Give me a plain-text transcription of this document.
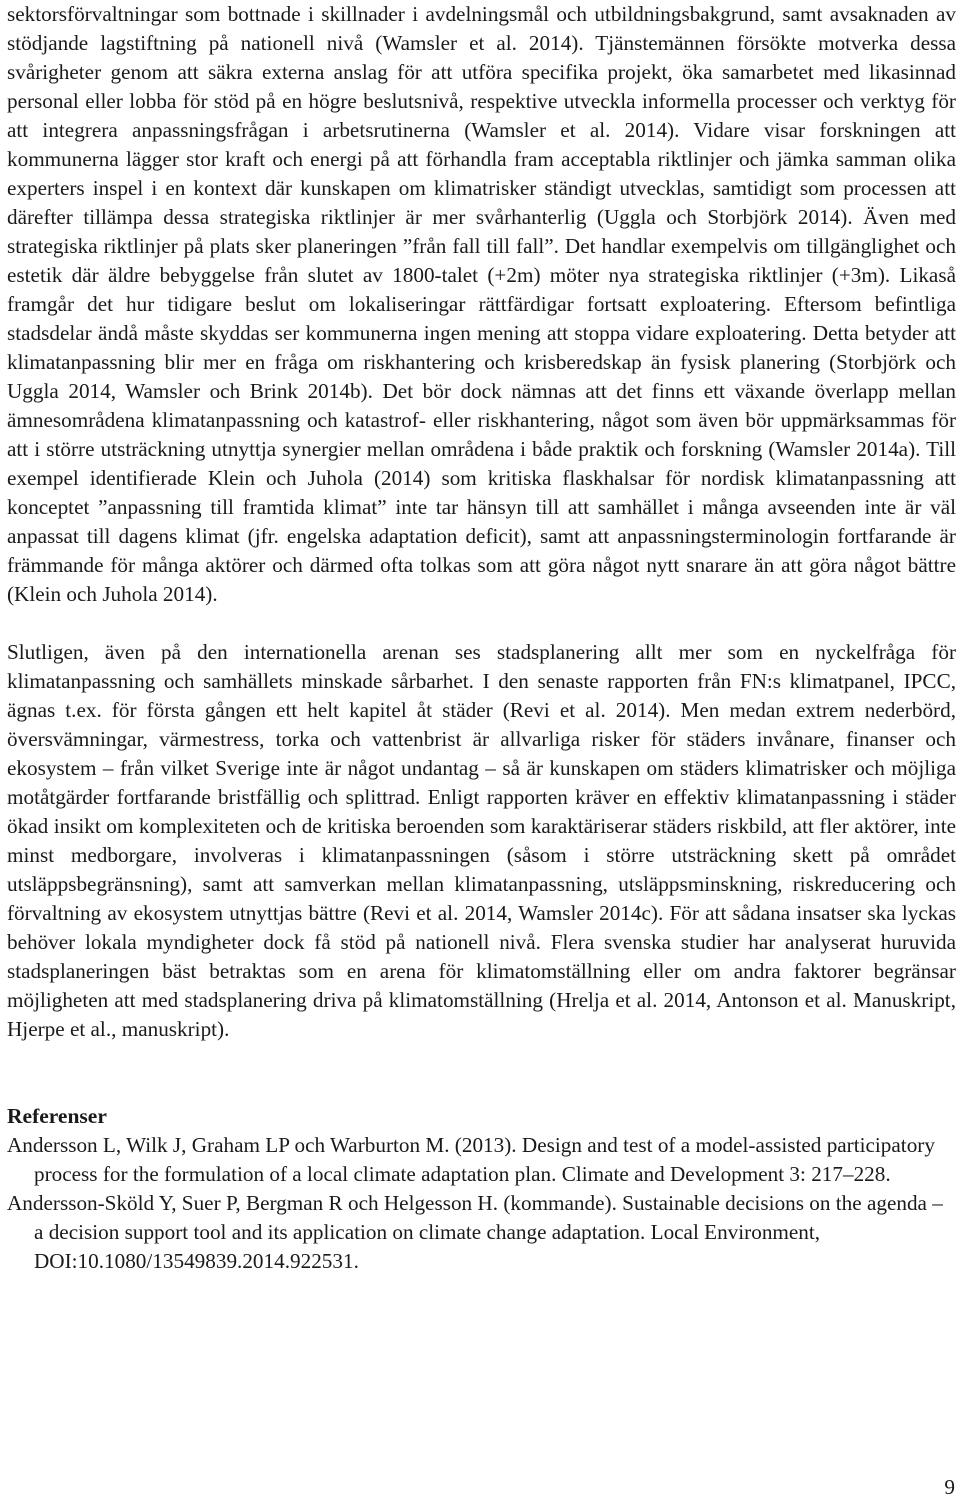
sektorsförvaltningar som bottnade i skillnader i avdelningsmål och utbildningsbakgrund, samt avsaknaden av stödjande lagstiftning på nationell nivå (Wamsler et al. 2014). Tjänstemännen försökte motverka dessa svårigheter genom att säkra externa anslag för att utföra specifika projekt, öka samarbetet med likasinnad personal eller lobba för stöd på en högre beslutsnivå, respektive utveckla informella processer och verktyg för att integrera anpassningsfrågan i arbetsrutinerna (Wamsler et al. 2014). Vidare visar forskningen att kommunerna lägger stor kraft och energi på att förhandla fram acceptabla riktlinjer och jämka samman olika experters inspel i en kontext där kunskapen om klimatrisker ständigt utvecklas, samtidigt som processen att därefter tillämpa dessa strategiska riktlinjer är mer svårhanterlig (Uggla och Storbjörk 2014). Även med strategiska riktlinjer på plats sker planeringen ”från fall till fall”. Det handlar exempelvis om tillgänglighet och estetik där äldre bebyggelse från slutet av 1800-talet (+2m) möter nya strategiska riktlinjer (+3m). Likaså framgår det hur tidigare beslut om lokaliseringar rättfärdigar fortsatt exploatering. Eftersom befintliga stadsdelar ändå måste skyddas ser kommunerna ingen mening att stoppa vidare exploatering. Detta betyder att klimatanpassning blir mer en fråga om riskhantering och krisberedskap än fysisk planering (Storbjörk och Uggla 2014, Wamsler och Brink 2014b). Det bör dock nämnas att det finns ett växande överlapp mellan ämnesområdena klimatanpassning och katastrof- eller riskhantering, något som även bör uppmärksammas för att i större utsträckning utnyttja synergier mellan områdena i både praktik och forskning (Wamsler 2014a). Till exempel identifierade Klein och Juhola (2014) som kritiska flaskhalsar för nordisk klimatanpassning att konceptet ”anpassning till framtida klimat” inte tar hänsyn till att samhället i många avseenden inte är väl anpassat till dagens klimat (jfr. engelska adaptation deficit), samt att anpassningsterminologin fortfarande är främmande för många aktörer och därmed ofta tolkas som att göra något nytt snarare än att göra något bättre (Klein och Juhola 2014).

Slutligen, även på den internationella arenan ses stadsplanering allt mer som en nyckelfråga för klimatanpassning och samhällets minskade sårbarhet. I den senaste rapporten från FN:s klimatpanel, IPCC, ägnas t.ex. för första gången ett helt kapitel åt städer (Revi et al. 2014). Men medan extrem nederbörd, översvämningar, värmestress, torka och vattenbrist är allvarliga risker för städers invånare, finanser och ekosystem – från vilket Sverige inte är något undantag – så är kunskapen om städers klimatrisker och möjliga motåtgärder fortfarande bristfällig och splittrad. Enligt rapporten kräver en effektiv klimatanpassning i städer ökad insikt om komplexiteten och de kritiska beroenden som karaktäriserar städers riskbild, att fler aktörer, inte minst medborgare, involveras i klimatanpassningen (såsom i större utsträckning skett på området utsläppsbegränsning), samt att samverkan mellan klimatanpassning, utsläppsminskning, riskreducering och förvaltning av ekosystem utnyttjas bättre (Revi et al. 2014, Wamsler 2014c). För att sådana insatser ska lyckas behöver lokala myndigheter dock få stöd på nationell nivå. Flera svenska studier har analyserat huruvida stadsplaneringen bäst betraktas som en arena för klimatomställning eller om andra faktorer begränsar möjligheten att med stadsplanering driva på klimatomställning (Hrelja et al. 2014, Antonson et al. Manuskript, Hjerpe et al., manuskript).

Referenser

Andersson L, Wilk J, Graham LP och Warburton M. (2013). Design and test of a model-assisted participatory process for the formulation of a local climate adaptation plan. Climate and Development 3: 217–228.

Andersson-Sköld Y, Suer P, Bergman R och Helgesson H. (kommande). Sustainable decisions on the agenda – a decision support tool and its application on climate change adaptation. Local Environment, DOI:10.1080/13549839.2014.922531.

9
